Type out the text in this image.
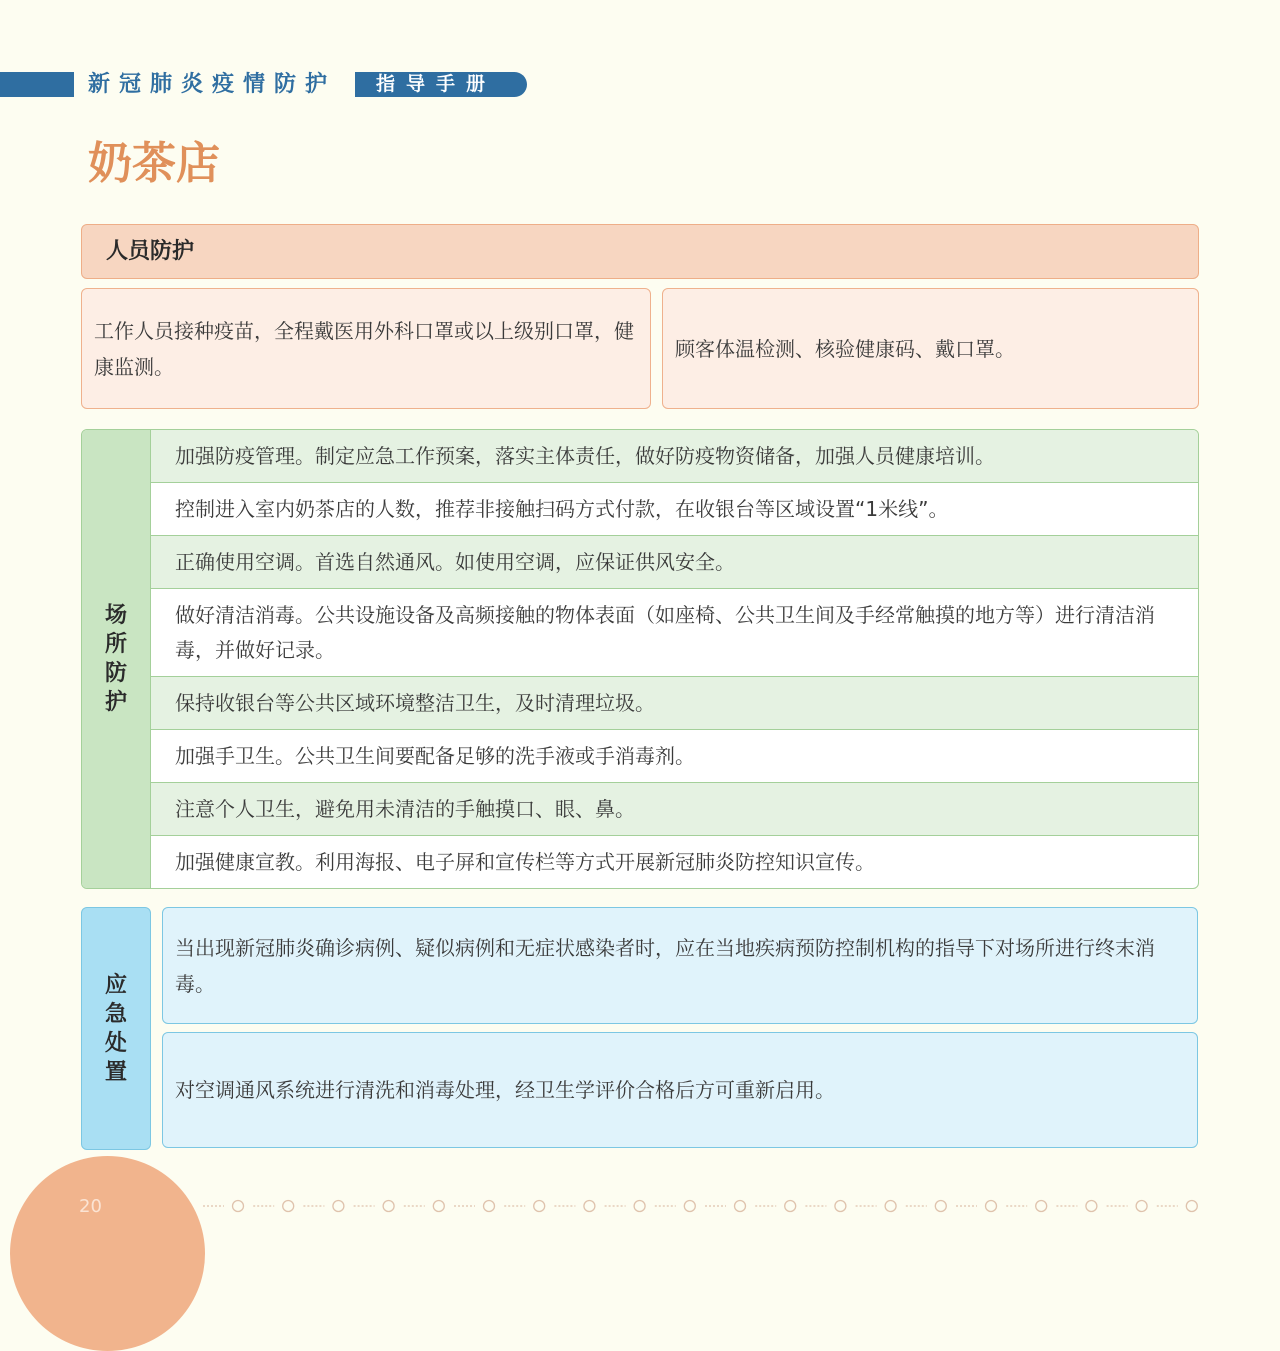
新冠肺炎疫情防护 指导手册
奶茶店
人员防护
工作人员接种疫苗，全程戴医用外科口罩或以上级别口罩，健康监测。
顾客体温检测、核验健康码、戴口罩。
场所防护
加强防疫管理。制定应急工作预案，落实主体责任，做好防疫物资储备，加强人员健康培训。
控制进入室内奶茶店的人数，推荐非接触扫码方式付款，在收银台等区域设置“1米线”。
正确使用空调。首选自然通风。如使用空调，应保证供风安全。
做好清洁消毒。公共设施设备及高频接触的物体表面（如座椅、公共卫生间及手经常触摸的地方等）进行清洁消毒，并做好记录。
保持收银台等公共区域环境整洁卫生，及时清理垃圾。
加强手卫生。公共卫生间要配备足够的洗手液或手消毒剂。
注意个人卫生，避免用未清洁的手触摸口、眼、鼻。
加强健康宣教。利用海报、电子屏和宣传栏等方式开展新冠肺炎防控知识宣传。
应急处置
当出现新冠肺炎确诊病例、疑似病例和无症状感染者时，应在当地疾病预防控制机构的指导下对场所进行终末消毒。
对空调通风系统进行清洗和消毒处理，经卫生学评价合格后方可重新启用。
20
